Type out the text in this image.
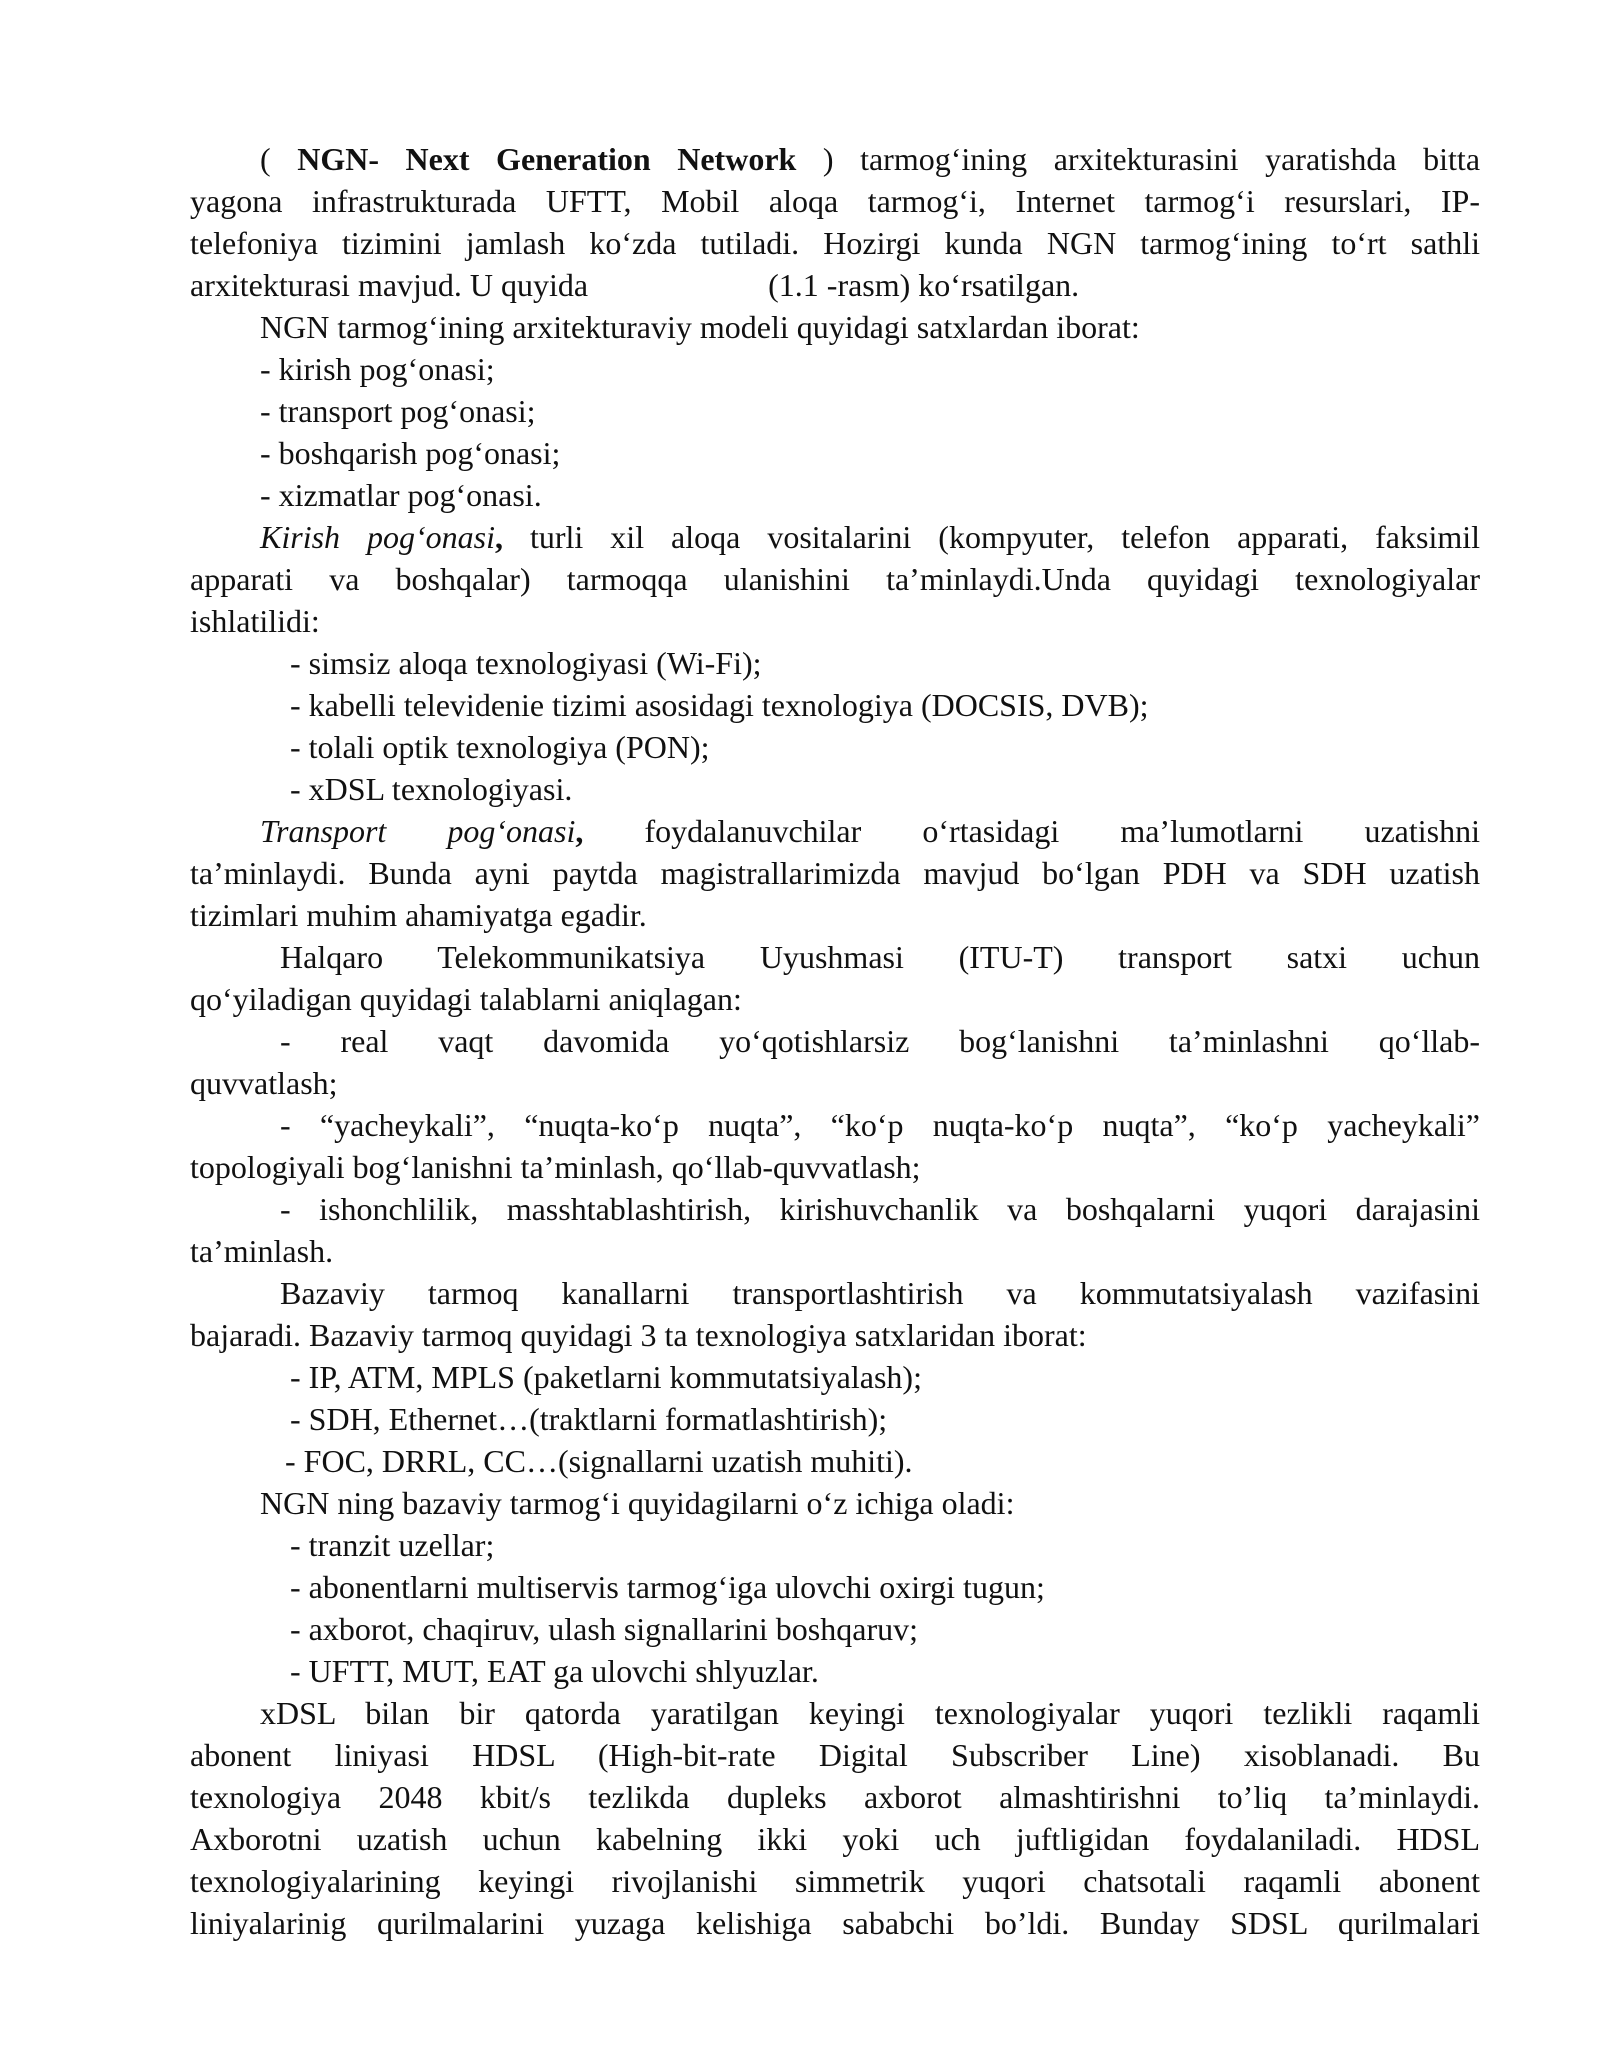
( NGN- Next Generation Network ) tarmog‘ining arxitekturasini yaratishda bitta
yagona infrastrukturada UFTT, Mobil aloqa tarmog‘i, Internet tarmog‘i resurslari, IP-
telefoniya tizimini jamlash ko‘zda tutiladi. Hozirgi kunda NGN tarmog‘ining to‘rt sathli
arxitekturasi mavjud. U quyida	(1.1 -rasm) ko‘rsatilgan.
NGN tarmog‘ining arxitekturaviy modeli quyidagi satxlardan iborat:
- kirish pog‘onasi;
- transport pog‘onasi;
- boshqarish pog‘onasi;
- xizmatlar pog‘onasi.
Kirish pog‘onasi, turli xil aloqa vositalarini (kompyuter, telefon apparati, faksimil
apparati va boshqalar) tarmoqqa ulanishini ta’minlaydi.Unda quyidagi texnologiyalar
ishlatilidi:
- simsiz aloqa texnologiyasi (Wi-Fi);
- kabelli televidenie tizimi asosidagi texnologiya (DOCSIS, DVB);
- tolali optik texnologiya (PON);
- xDSL texnologiyasi.
Transport pog‘onasi, foydalanuvchilar o‘rtasidagi ma’lumotlarni uzatishni
ta’minlaydi. Bunda ayni paytda magistrallarimizda mavjud bo‘lgan PDH va SDH uzatish
tizimlari muhim ahamiyatga egadir.
Halqaro Telekommunikatsiya Uyushmasi (ITU-T) transport satxi uchun
qo‘yiladigan quyidagi talablarni aniqlagan:
- real vaqt davomida yo‘qotishlarsiz bog‘lanishni ta’minlashni qo‘llab-
quvvatlash;
- “yacheykali”, “nuqta-ko‘p nuqta”, “ko‘p nuqta-ko‘p nuqta”, “ko‘p yacheykali”
topologiyali bog‘lanishni ta’minlash, qo‘llab-quvvatlash;
- ishonchlilik, masshtablashtirish, kirishuvchanlik va boshqalarni yuqori darajasini
ta’minlash.
Bazaviy tarmoq kanallarni transportlashtirish va kommutatsiyalash vazifasini
bajaradi. Bazaviy tarmoq quyidagi 3 ta texnologiya satxlaridan iborat:
- IP, ATM, MPLS (paketlarni kommutatsiyalash);
- SDH, Ethernet…(traktlarni formatlashtirish);
- FOC, DRRL, CC…(signallarni uzatish muhiti).
NGN ning bazaviy tarmog‘i quyidagilarni o‘z ichiga oladi:
- tranzit uzellar;
- abonentlarni multiservis tarmog‘iga ulovchi oxirgi tugun;
- axborot, chaqiruv, ulash signallarini boshqaruv;
- UFTT, MUT, EAT ga ulovchi shlyuzlar.
xDSL bilan bir qatorda yaratilgan keyingi texnologiyalar yuqori tezlikli raqamli
abonent liniyasi HDSL (High-bit-rate Digital Subscriber Line) xisoblanadi. Bu
texnologiya 2048 kbit/s tezlikda dupleks axborot almashtirishni to’liq ta’minlaydi.
Axborotni uzatish uchun kabelning ikki yoki uch juftligidan foydalaniladi. HDSL
texnologiyalarining keyingi rivojlanishi simmetrik yuqori chatsotali raqamli abonent
liniyalarinig qurilmalarini yuzaga kelishiga sababchi bo’ldi. Bunday SDSL qurilmalari
